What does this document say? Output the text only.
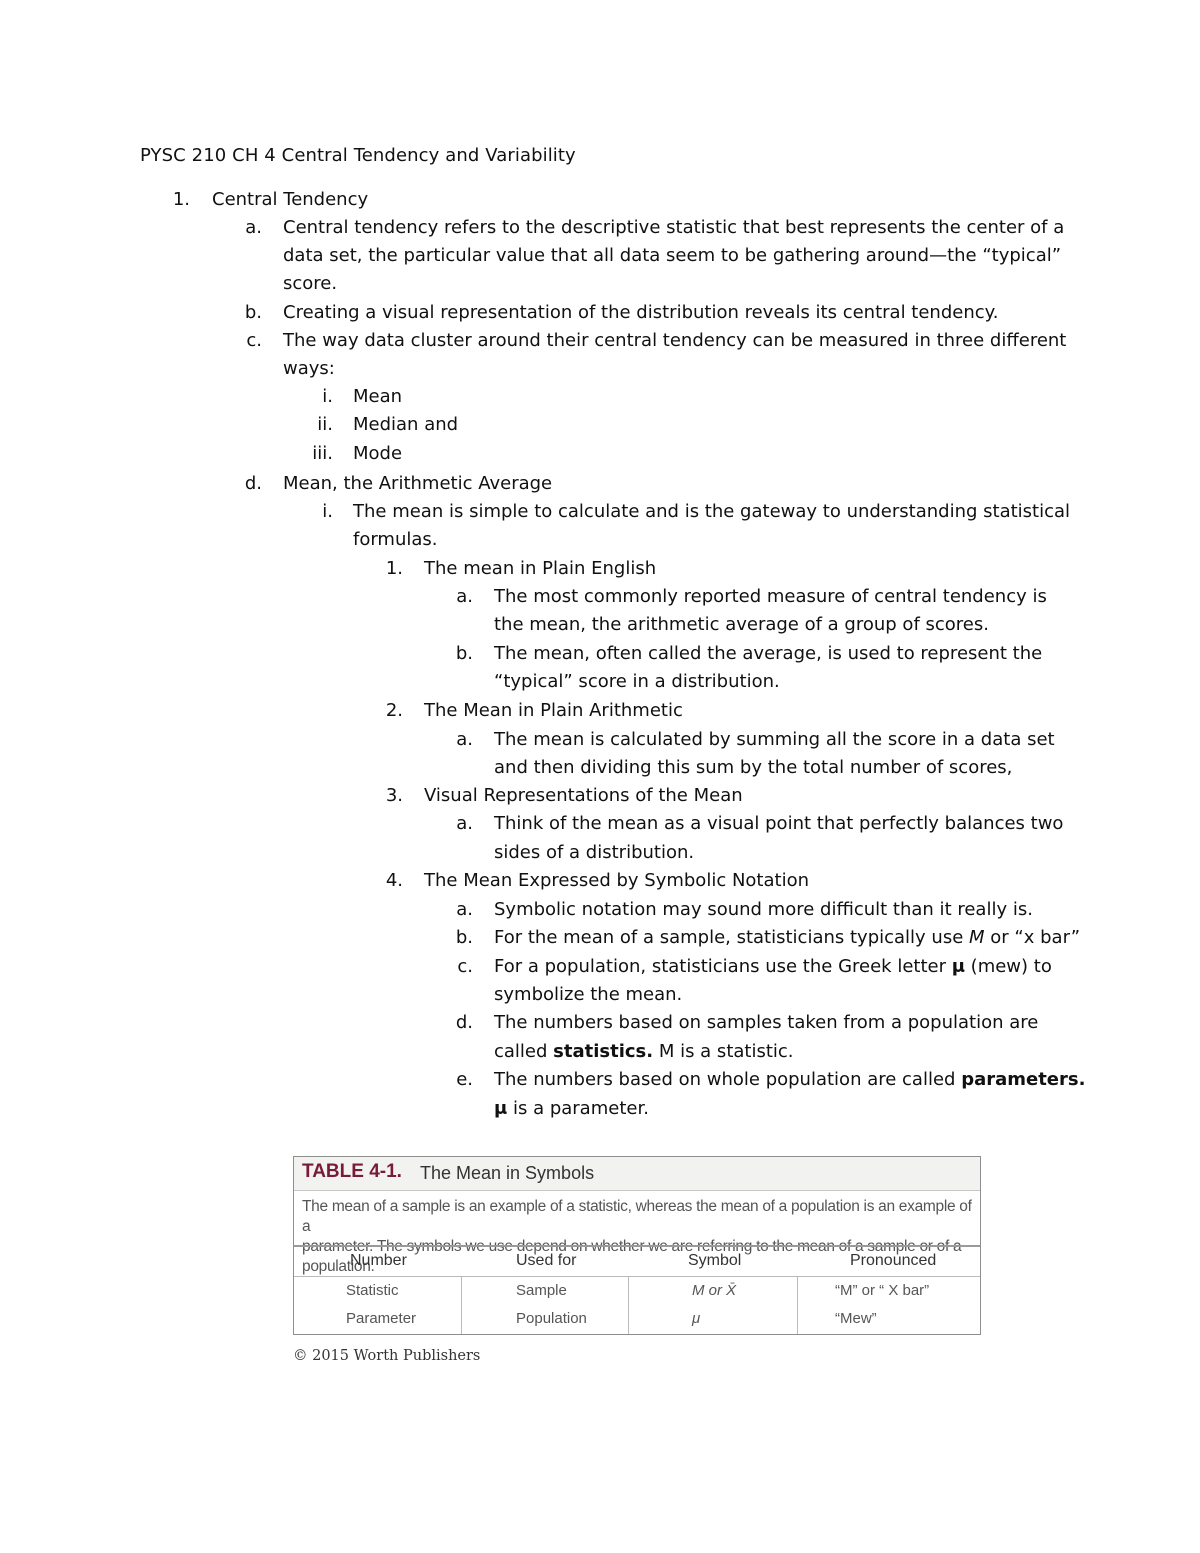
PYSC 210 CH 4 Central Tendency and Variability
1. Central Tendency
a. Central tendency refers to the descriptive statistic that best represents the center of a
data set, the particular value that all data seem to be gathering around—the “typical”
score.
b. Creating a visual representation of the distribution reveals its central tendency.
c. The way data cluster around their central tendency can be measured in three different
ways:
i. Mean
ii. Median and
iii. Mode
d. Mean, the Arithmetic Average
i. The mean is simple to calculate and is the gateway to understanding statistical
formulas.
1. The mean in Plain English
a. The most commonly reported measure of central tendency is
the mean, the arithmetic average of a group of scores.
b. The mean, often called the average, is used to represent the
“typical” score in a distribution.
2. The Mean in Plain Arithmetic
a. The mean is calculated by summing all the score in a data set
and then dividing this sum by the total number of scores,
3. Visual Representations of the Mean
a. Think of the mean as a visual point that perfectly balances two
sides of a distribution.
4. The Mean Expressed by Symbolic Notation
a. Symbolic notation may sound more difficult than it really is.
b. For the mean of a sample, statisticians typically use M or “x bar”
c. For a population, statisticians use the Greek letter μ (mew) to
symbolize the mean.
d. The numbers based on samples taken from a population are
called statistics. M is a statistic.
e. The numbers based on whole population are called parameters.
μ is a parameter.
TABLE 4-1. The Mean in Symbols
The mean of a sample is an example of a statistic, whereas the mean of a population is an example of a
population.
Number	Used for	Symbol	Pronounced
Statistic	Sample	M or X̄	“M” or “ X bar”
Parameter	Population	μ	“Mew”
© 2015 Worth Publishers
